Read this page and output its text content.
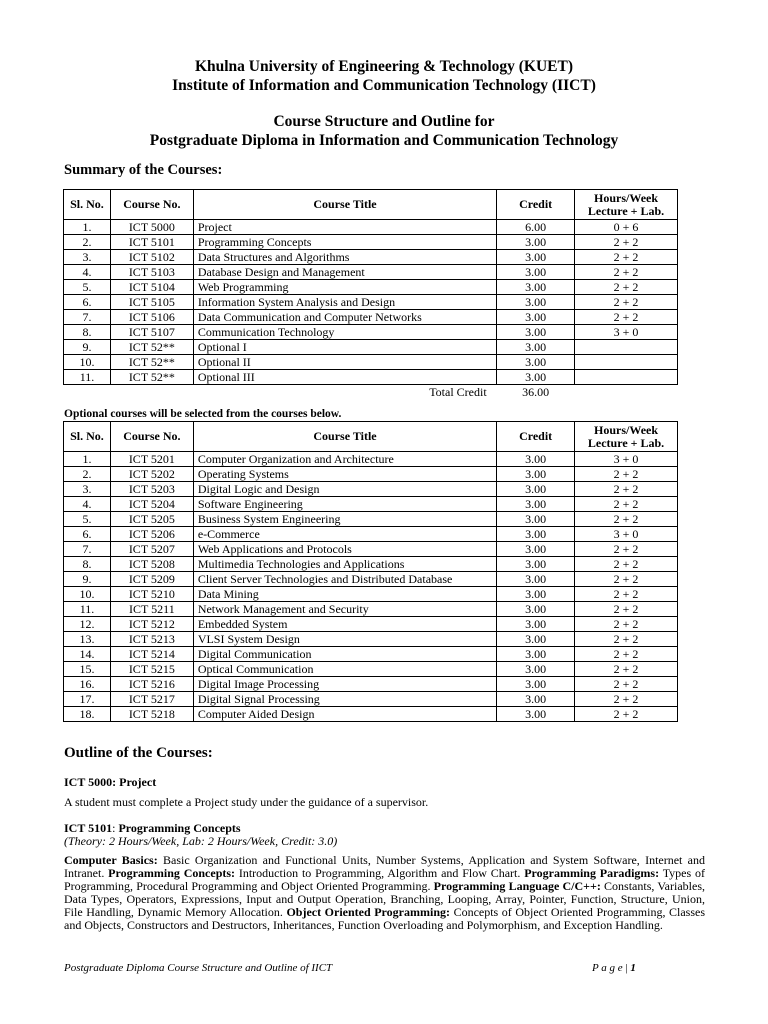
Khulna University of Engineering & Technology (KUET)
Institute of Information and Communication Technology (IICT)
Course Structure and Outline for
Postgraduate Diploma in Information and Communication Technology
Summary of the Courses:
Sl. No.	Course No.	Course Title	Credit	Hours/Week
Lecture + Lab.
1.	ICT 5000	Project	6.00	0 + 6
2.	ICT 5101	Programming Concepts	3.00	2 + 2
3.	ICT 5102	Data Structures and Algorithms	3.00	2 + 2
4.	ICT 5103	Database Design and Management	3.00	2 + 2
5.	ICT 5104	Web Programming	3.00	2 + 2
6.	ICT 5105	Information System Analysis and Design	3.00	2 + 2
7.	ICT 5106	Data Communication and Computer Networks	3.00	2 + 2
8.	ICT 5107	Communication Technology	3.00	3 + 0
9.	ICT 52**	Optional I	3.00	
10.	ICT 52**	Optional II	3.00	
11.	ICT 52**	Optional III	3.00	
		Total Credit	36.00	
Optional courses will be selected from the courses below.
Sl. No.	Course No.	Course Title	Credit	Hours/Week
Lecture + Lab.
1.	ICT 5201	Computer Organization and Architecture	3.00	3 + 0
2.	ICT 5202	Operating Systems	3.00	2 + 2
3.	ICT 5203	Digital Logic and Design	3.00	2 + 2
4.	ICT 5204	Software Engineering	3.00	2 + 2
5.	ICT 5205	Business System Engineering	3.00	2 + 2
6.	ICT 5206	e-Commerce	3.00	3 + 0
7.	ICT 5207	Web Applications and Protocols	3.00	2 + 2
8.	ICT 5208	Multimedia Technologies and Applications	3.00	2 + 2
9.	ICT 5209	Client Server Technologies and Distributed Database	3.00	2 + 2
10.	ICT 5210	Data Mining	3.00	2 + 2
11.	ICT 5211	Network Management and Security	3.00	2 + 2
12.	ICT 5212	Embedded System	3.00	2 + 2
13.	ICT 5213	VLSI System Design	3.00	2 + 2
14.	ICT 5214	Digital Communication	3.00	2 + 2
15.	ICT 5215	Optical Communication	3.00	2 + 2
16.	ICT 5216	Digital Image Processing	3.00	2 + 2
17.	ICT 5217	Digital Signal Processing	3.00	2 + 2
18.	ICT 5218	Computer Aided Design	3.00	2 + 2
Outline of the Courses:
ICT 5000: Project
A student must complete a Project study under the guidance of a supervisor.
ICT 5101: Programming Concepts
(Theory: 2 Hours/Week, Lab: 2 Hours/Week, Credit: 3.0)
Computer Basics: Basic Organization and Functional Units, Number Systems, Application and System Software, Internet and Intranet. Programming Concepts: Introduction to Programming, Algorithm and Flow Chart. Programming Paradigms: Types of Programming, Procedural Programming and Object Oriented Programming. Programming Language C/C++: Constants, Variables, Data Types, Operators, Expressions, Input and Output Operation, Branching, Looping, Array, Pointer, Function, Structure, Union, File Handling, Dynamic Memory Allocation. Object Oriented Programming: Concepts of Object Oriented Programming, Classes and Objects, Constructors and Destructors, Inheritances, Function Overloading and Polymorphism, and Exception Handling.
Postgraduate Diploma Course Structure and Outline of IICT	P a g e | 1
